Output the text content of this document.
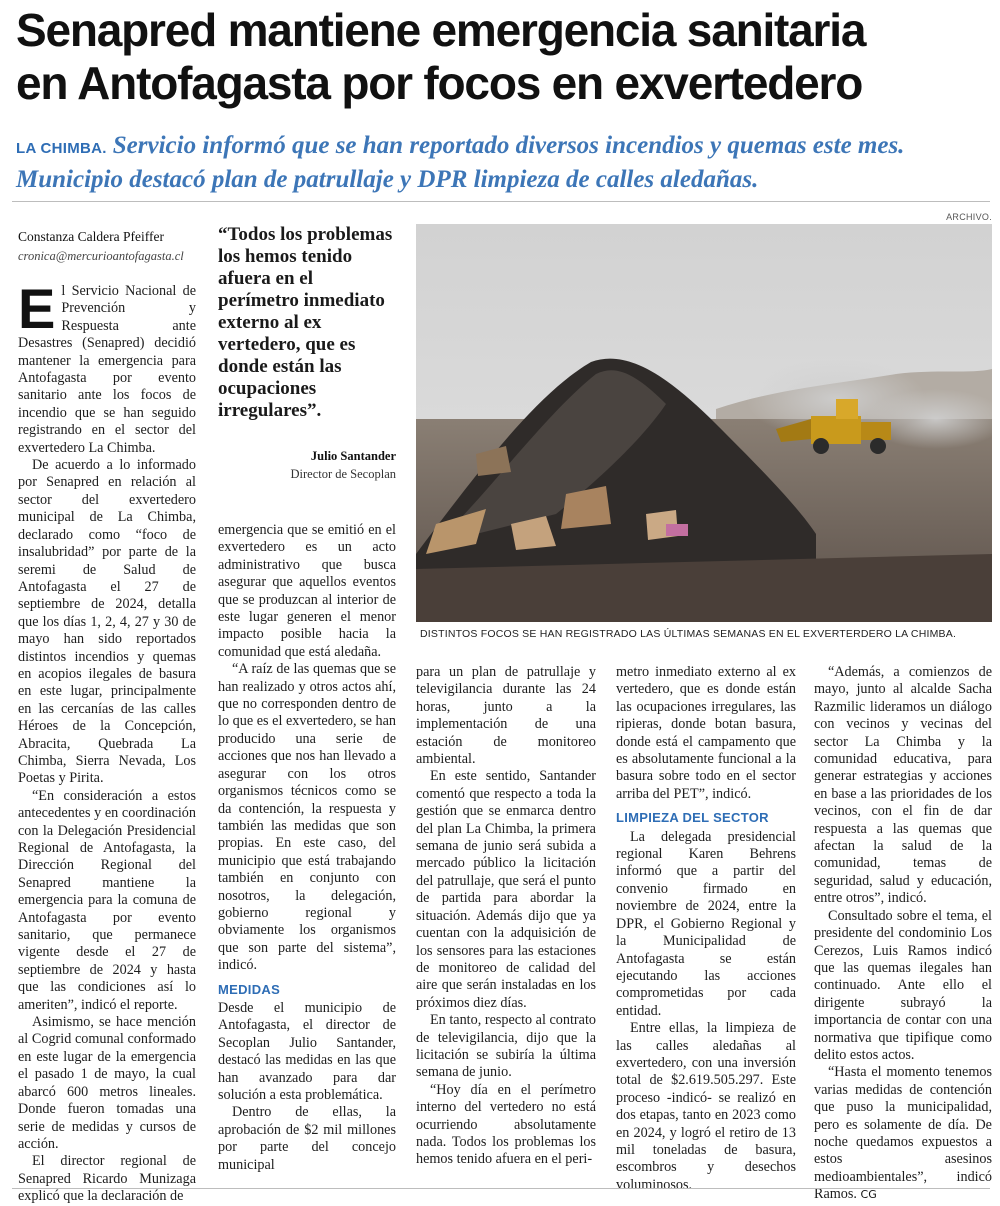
Senapred mantiene emergencia sanitaria
en Antofagasta por focos en exvertedero
LA CHIMBA. Servicio informó que se han reportado diversos incendios y quemas este mes. Municipio destacó plan de patrullaje y DPR limpieza de calles aledañas.
Constanza Caldera Pfeiffer
cronica@mercurioantofagasta.cl

El Servicio Nacional de Prevención y Respuesta ante Desastres (Senapred) decidió mantener la emergencia para Antofagasta por evento sanitario ante los focos de incendio que se han seguido registrando en el sector del exvertedero La Chimba.

De acuerdo a lo informado por Senapred en relación al sector del exvertedero municipal de La Chimba, declarado como “foco de insalubridad” por parte de la seremi de Salud de Antofagasta el 27 de septiembre de 2024, detalla que los días 1, 2, 4, 27 y 30 de mayo han sido reportados distintos incendios y quemas en acopios ilegales de basura en este lugar, principalmente en las cercanías de las calles Héroes de la Concepción, Abracita, Quebrada La Chimba, Sierra Nevada, Los Poetas y Pirita.

“En consideración a estos antecedentes y en coordinación con la Delegación Presidencial Regional de Antofagasta, la Dirección Regional del Senapred mantiene la emergencia para la comuna de Antofagasta por evento sanitario, que permanece vigente desde el 27 de septiembre de 2024 y hasta que las condiciones así lo ameriten”, indicó el reporte.

Asimismo, se hace mención al Cogrid comunal conformado en este lugar de la emergencia el pasado 1 de mayo, la cual abarcó 600 metros lineales. Donde fueron tomadas una serie de medidas y cursos de acción.

El director regional de Senapred Ricardo Munizaga explicó que la declaración de

“Todos los problemas los hemos tenido afuera en el perímetro inmediato externo al ex vertedero, que es donde están las ocupaciones irregulares”.
Julio Santander
Director de Secoplan

emergencia que se emitió en el exvertedero es un acto administrativo que busca asegurar que aquellos eventos que se produzcan al interior de este lugar generen el menor impacto posible hacia la comunidad que está aledaña.

“A raíz de las quemas que se han realizado y otros actos ahí, que no corresponden dentro de lo que es el exvertedero, se han producido una serie de acciones que nos han llevado a asegurar con los otros organismos técnicos como se da contención, la respuesta y también las medidas que son propias. En este caso, del municipio que está trabajando también en conjunto con nosotros, la delegación, gobierno regional y obviamente los organismos que son parte del sistema”, indicó.

MEDIDAS

Desde el municipio de Antofagasta, el director de Secoplan Julio Santander, destacó las medidas en las que han avanzado para dar solución a esta problemática.

Dentro de ellas, la aprobación de $2 mil millones por parte del concejo municipal

ARCHIVO.
DISTINTOS FOCOS SE HAN REGISTRADO LAS ÚLTIMAS SEMANAS EN EL EXVERTERDERO LA CHIMBA.

para un plan de patrullaje y televigilancia durante las 24 horas, junto a la implementación de una estación de monitoreo ambiental.

En este sentido, Santander comentó que respecto a toda la gestión que se enmarca dentro del plan La Chimba, la primera semana de junio será subida a mercado público la licitación del patrullaje, que será el punto de partida para abordar la situación. Además dijo que ya cuentan con la adquisición de los sensores para las estaciones de monitoreo de calidad del aire que serán instaladas en los próximos diez días.

En tanto, respecto al contrato de televigilancia, dijo que la licitación se subiría la última semana de junio.

“Hoy día en el perímetro interno del vertedero no está ocurriendo absolutamente nada. Todos los problemas los hemos tenido afuera en el peri-

metro inmediato externo al ex vertedero, que es donde están las ocupaciones irregulares, las ripieras, donde botan basura, donde está el campamento que es absolutamente funcional a la basura sobre todo en el sector arriba del PET”, indicó.

LIMPIEZA DEL SECTOR

La delegada presidencial regional Karen Behrens informó que a partir del convenio firmado en noviembre de 2024, entre la DPR, el Gobierno Regional y la Municipalidad de Antofagasta se están ejecutando las acciones comprometidas por cada entidad.

Entre ellas, la limpieza de las calles aledañas al exvertedero, con una inversión total de $2.619.505.297. Este proceso -indicó- se realizó en dos etapas, tanto en 2023 como en 2024, y logró el retiro de 13 mil toneladas de basura, escombros y desechos voluminosos.

“Además, a comienzos de mayo, junto al alcalde Sacha Razmilic lideramos un diálogo con vecinos y vecinas del sector La Chimba y la comunidad educativa, para generar estrategias y acciones en base a las prioridades de los vecinos, con el fin de dar respuesta a las quemas que afectan la salud de la comunidad, temas de seguridad, salud y educación, entre otros”, indicó.

Consultado sobre el tema, el presidente del condominio Los Cerezos, Luis Ramos indicó que las quemas ilegales han continuado. Ante ello el dirigente subrayó la importancia de contar con una normativa que tipifique como delito estos actos.

“Hasta el momento tenemos varias medidas de contención que puso la municipalidad, pero es solamente de día. De noche quedamos expuestos a estos asesinos medioambientales”, indicó Ramos. CG
